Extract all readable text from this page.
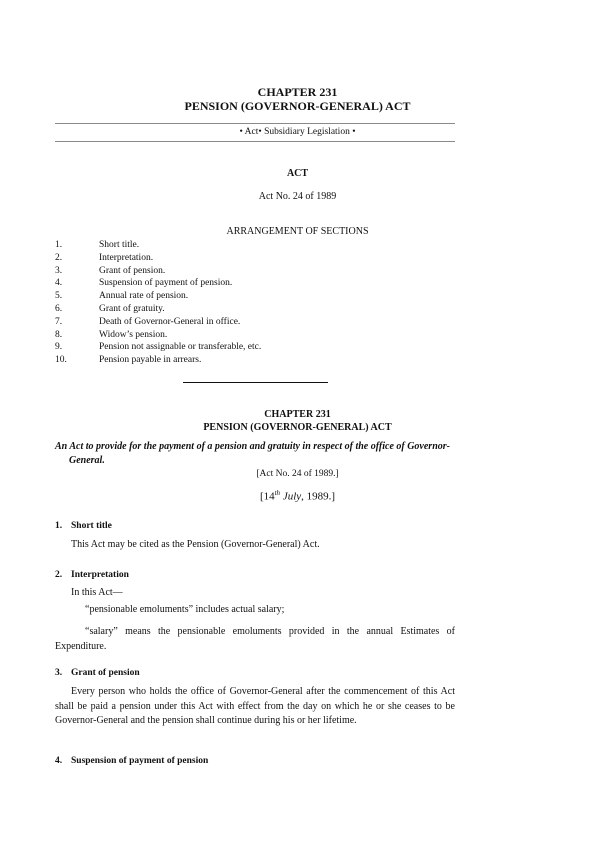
CHAPTER 231
PENSION (GOVERNOR-GENERAL) ACT
• Act• Subsidiary Legislation •
ACT
Act No. 24 of 1989
ARRANGEMENT OF SECTIONS
1.	Short title.
2.	Interpretation.
3.	Grant of pension.
4.	Suspension of payment of pension.
5.	Annual rate of pension.
6.	Grant of gratuity.
7.	Death of Governor-General in office.
8.	Widow’s pension.
9.	Pension not assignable or transferable, etc.
10.	Pension payable in arrears.
CHAPTER 231
PENSION (GOVERNOR-GENERAL) ACT
An Act to provide for the payment of a pension and gratuity in respect of the office of Governor-General.
[Act No. 24 of 1989.]
[14th July, 1989.]
1. Short title
This Act may be cited as the Pension (Governor-General) Act.
2. Interpretation
In this Act—
“pensionable emoluments” includes actual salary;
“salary” means the pensionable emoluments provided in the annual Estimates of Expenditure.
3. Grant of pension
Every person who holds the office of Governor-General after the commencement of this Act shall be paid a pension under this Act with effect from the day on which he or she ceases to be Governor-General and the pension shall continue during his or her lifetime.
4. Suspension of payment of pension
